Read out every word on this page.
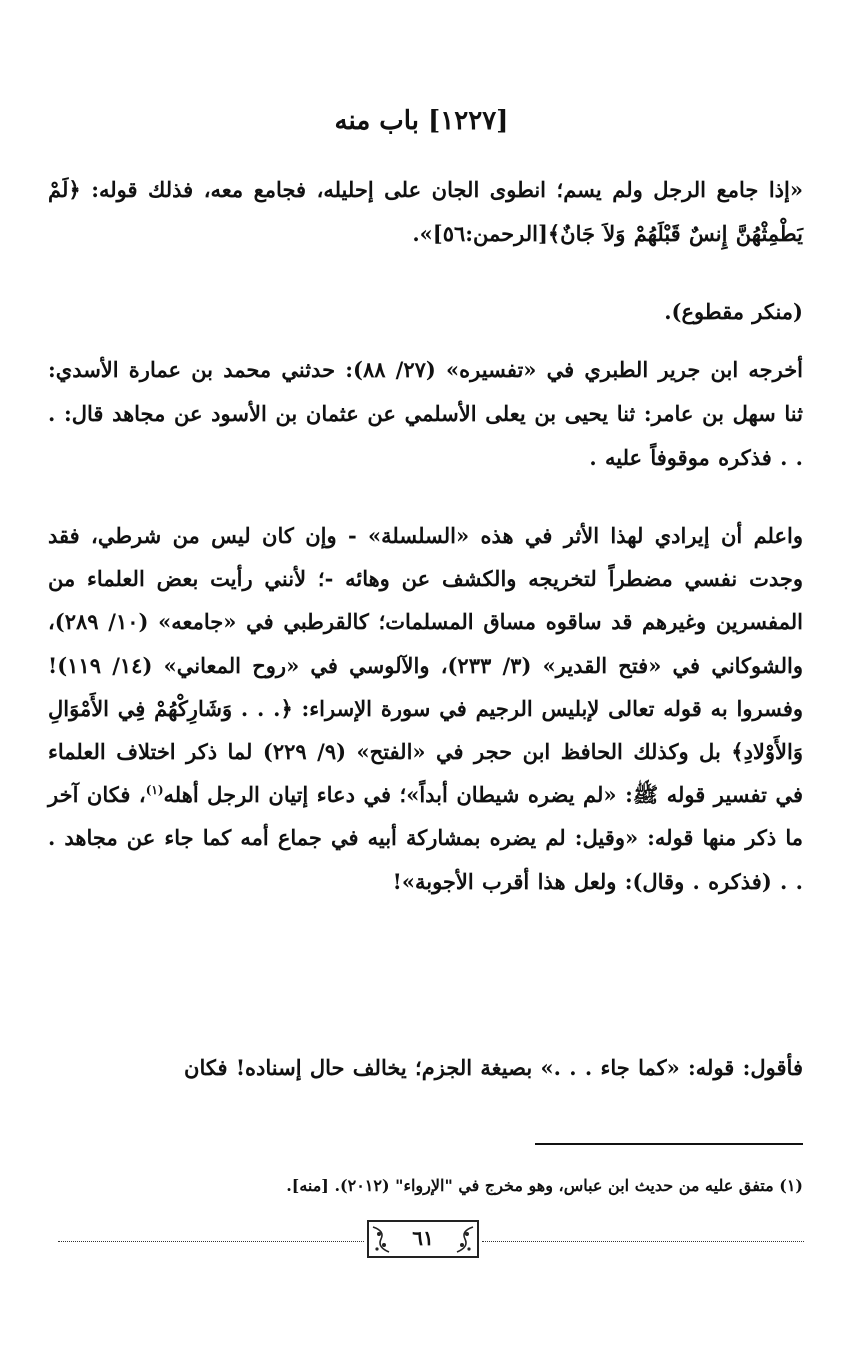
[١٢٢٧] باب منه

«إذا جامع الرجل ولم يسم؛ انطوى الجان على إحليله، فجامع معه، فذلك قوله: ﴿لَمْ يَطْمِثْهُنَّ إِنسٌ قَبْلَهُمْ وَلاَ جَانٌ﴾[الرحمن:٥٦]».

(منكر مقطوع).

أخرجه ابن جرير الطبري في «تفسيره» (٢٧/ ٨٨): حدثني محمد بن عمارة الأسدي: ثنا سهل بن عامر: ثنا يحيى بن يعلى الأسلمي عن عثمان بن الأسود عن مجاهد قال: . . . فذكره موقوفاً عليه .

واعلم أن إيرادي لهذا الأثر في هذه «السلسلة» - وإن كان ليس من شرطي، فقد وجدت نفسي مضطراً لتخريجه والكشف عن وهائه -؛ لأنني رأيت بعض العلماء من المفسرين وغيرهم قد ساقوه مساق المسلمات؛ كالقرطبي في «جامعه» (١٠/ ٢٨٩)، والشوكاني في «فتح القدير» (٣/ ٢٣٣)، والآلوسي في «روح المعاني» (١٤/ ١١٩)! وفسروا به قوله تعالى لإبليس الرجيم في سورة الإسراء: ﴿. . . وَشَارِكْهُمْ فِي الأَمْوَالِ وَالأَوْلادِ﴾ بل وكذلك الحافظ ابن حجر في «الفتح» (٩/ ٢٢٩) لما ذكر اختلاف العلماء في تفسير قوله ﷺ: «لم يضره شيطان أبداً»؛ في دعاء إتيان الرجل أهله$^{(١)}$، فكان آخر ما ذكر منها قوله: «وقيل: لم يضره بمشاركة أبيه في جماع أمه كما جاء عن مجاهد . . . (فذكره . وقال): ولعل هذا أقرب الأجوبة»!

فأقول: قوله: «كما جاء . . .» بصيغة الجزم؛ يخالف حال إسناده! فكان

(١) متفق عليه من حديث ابن عباس، وهو مخرج في "الإرواء" (٢٠١٢). [منه].

٦١
